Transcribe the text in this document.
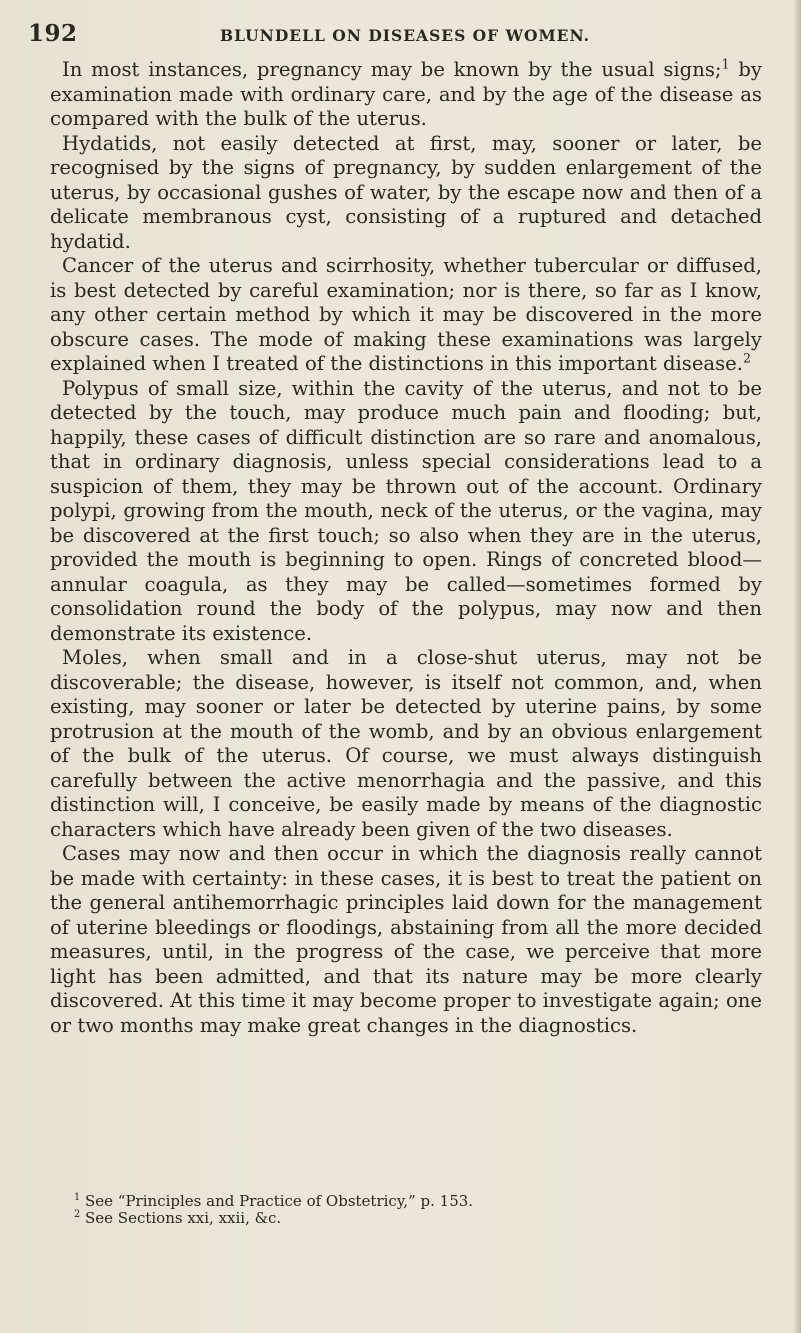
192	BLUNDELL ON DISEASES OF WOMEN.

In most instances, pregnancy may be known by the usual signs;$^1$ by examination made with ordinary care, and by the age of the disease as compared with the bulk of the uterus.

Hydatids, not easily detected at first, may, sooner or later, be recognised by the signs of pregnancy, by sudden enlargement of the uterus, by occasional gushes of water, by the escape now and then of a delicate membranous cyst, consisting of a ruptured and detached hydatid.

Cancer of the uterus and scirrhosity, whether tubercular or diffused, is best detected by careful examination; nor is there, so far as I know, any other certain method by which it may be discovered in the more obscure cases. The mode of making these examinations was largely explained when I treated of the distinctions in this important disease.$^2$

Polypus of small size, within the cavity of the uterus, and not to be detected by the touch, may produce much pain and flooding; but, happily, these cases of difficult distinction are so rare and anomalous, that in ordinary diagnosis, unless special considerations lead to a suspicion of them, they may be thrown out of the account. Ordinary polypi, growing from the mouth, neck of the uterus, or the vagina, may be discovered at the first touch; so also when they are in the uterus, provided the mouth is beginning to open. Rings of concreted blood—annular coagula, as they may be called—sometimes formed by consolidation round the body of the polypus, may now and then demonstrate its existence.

Moles, when small and in a close-shut uterus, may not be discoverable; the disease, however, is itself not common, and, when existing, may sooner or later be detected by uterine pains, by some protrusion at the mouth of the womb, and by an obvious enlargement of the bulk of the uterus. Of course, we must always distinguish carefully between the active menorrhagia and the passive, and this distinction will, I conceive, be easily made by means of the diagnostic characters which have already been given of the two diseases.

Cases may now and then occur in which the diagnosis really cannot be made with certainty: in these cases, it is best to treat the patient on the general antihemorrhagic principles laid down for the management of uterine bleedings or floodings, abstaining from all the more decided measures, until, in the progress of the case, we perceive that more light has been admitted, and that its nature may be more clearly discovered. At this time it may become proper to investigate again; one or two months may make great changes in the diagnostics.

$^1$ See “Principles and Practice of Obstetricy,” p. 153.

$^2$ See Sections xxi, xxii, &c.
